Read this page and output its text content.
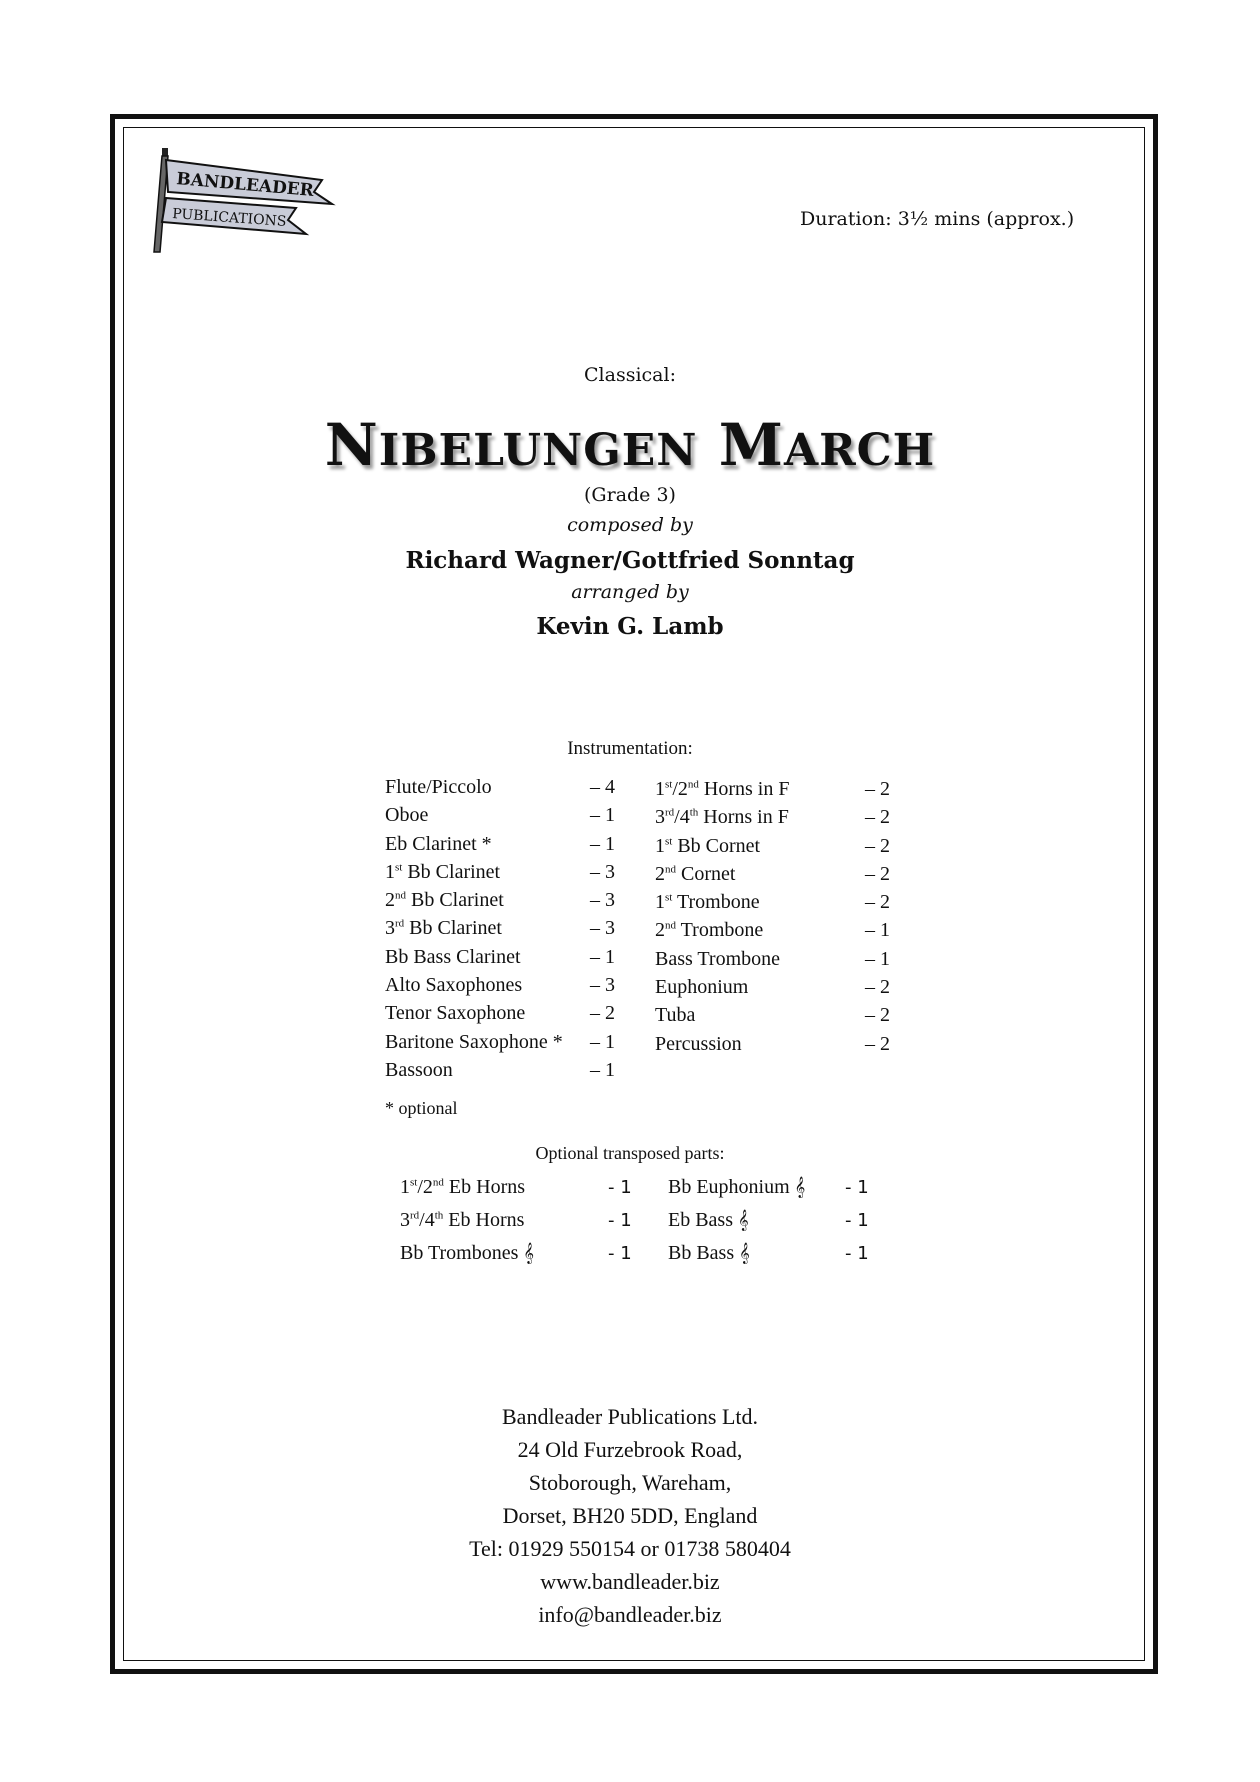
BANDLEADER
PUBLICATIONS	Duration: 3½ mins (approx.)
Classical:
NIBELUNGEN MARCH
(Grade 3)
composed by
Richard Wagner/Gottfried Sonntag
arranged by
Kevin G. Lamb
Instrumentation:
Flute/Piccolo	– 4
Oboe	– 1
Eb Clarinet *	– 1
1st Bb Clarinet	– 3
2nd Bb Clarinet	– 3
3rd Bb Clarinet	– 3
Bb Bass Clarinet	– 1
Alto Saxophones	– 3
Tenor Saxophone	– 2
Baritone Saxophone * – 1
Bassoon	– 1
1st/2nd Horns in F	– 2
3rd/4th Horns in F	– 2
1st Bb Cornet	– 2
2nd Cornet	– 2
1st Trombone	– 2
2nd Trombone	– 1
Bass Trombone	– 1
Euphonium	– 2
Tuba	– 2
Percussion	– 2
* optional
Optional transposed parts:
1st/2nd Eb Horns	- 1
3rd/4th Eb Horns	- 1
Bb Trombones 𝄞	- 1
Bb Euphonium 𝄞 - 1
Eb Bass 𝄞	- 1
Bb Bass 𝄞	- 1
Bandleader Publications Ltd.
24 Old Furzebrook Road,
Stoborough, Wareham,
Dorset, BH20 5DD, England
Tel: 01929 550154 or 01738 580404
www.bandleader.biz
info@bandleader.biz
